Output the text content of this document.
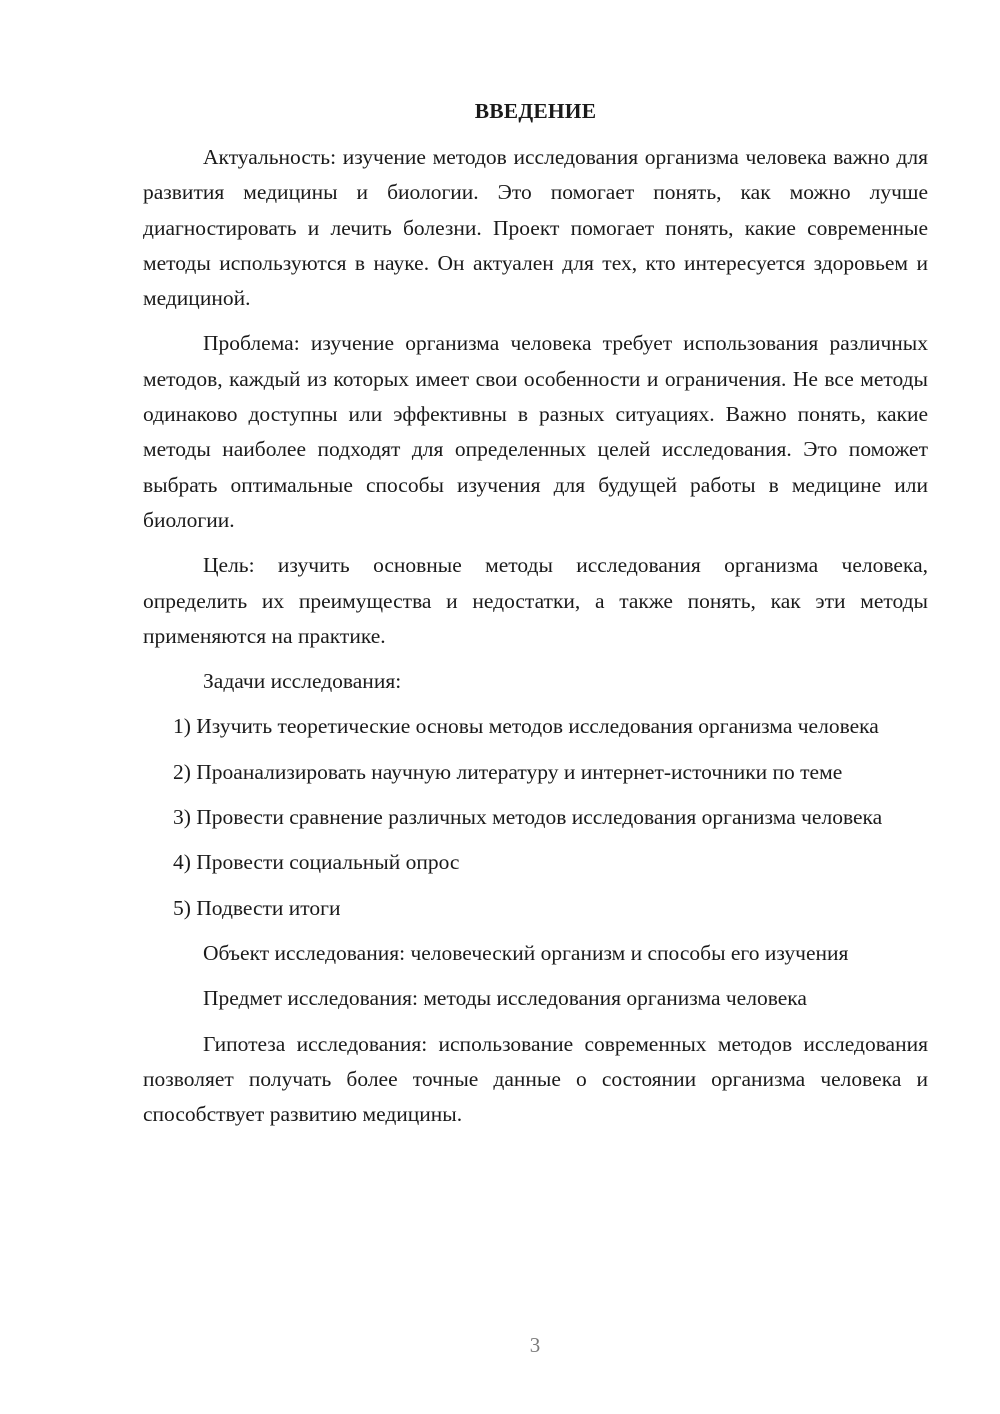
ВВЕДЕНИЕ

Актуальность: изучение методов исследования организма человека важно для развития медицины и биологии. Это помогает понять, как можно лучше диагностировать и лечить болезни. Проект помогает понять, какие современные методы используются в науке. Он актуален для тех, кто интересуется здоровьем и медициной.

Проблема: изучение организма человека требует использования различных методов, каждый из которых имеет свои особенности и ограничения. Не все методы одинаково доступны или эффективны в разных ситуациях. Важно понять, какие методы наиболее подходят для определенных целей исследования. Это поможет выбрать оптимальные способы изучения для будущей работы в медицине или биологии.

Цель: изучить основные методы исследования организма человека, определить их преимущества и недостатки, а также понять, как эти методы применяются на практике.

Задачи исследования:

1) Изучить теоретические основы методов исследования организма человека

2) Проанализировать научную литературу и интернет-источники по теме

3) Провести сравнение различных методов исследования организма человека

4) Провести социальный опрос

5) Подвести итоги

Объект исследования: человеческий организм и способы его изучения

Предмет исследования: методы исследования организма человека

Гипотеза исследования: использование современных методов исследования позволяет получать более точные данные о состоянии организма человека и способствует развитию медицины.

3
